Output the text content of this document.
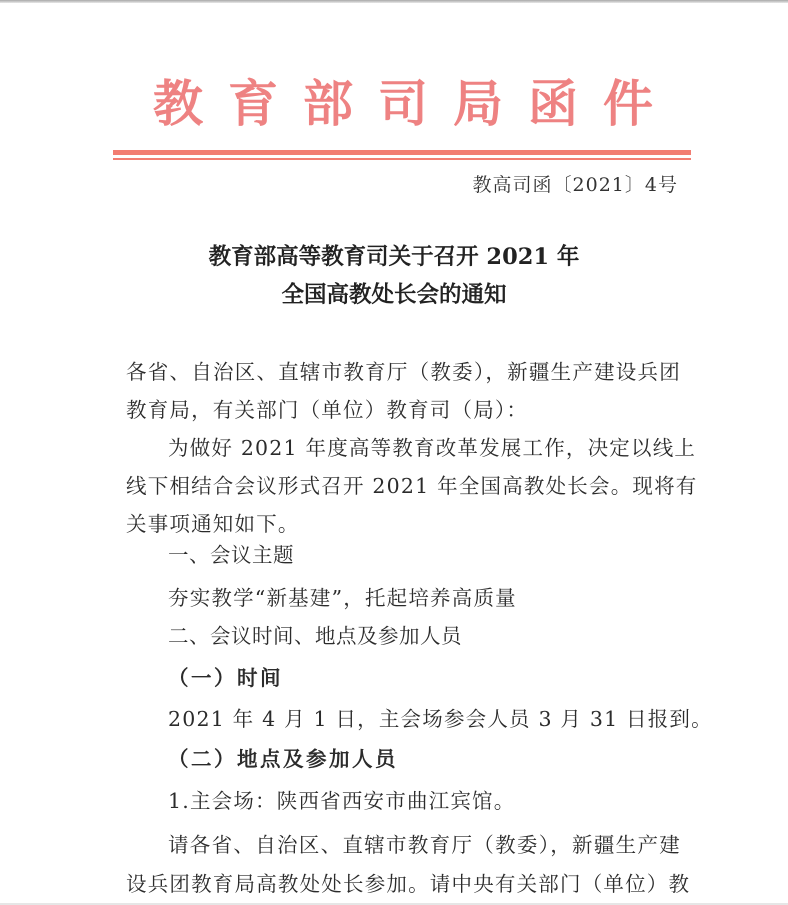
教 育 部 司 局 函 件
教高司函〔2021〕4号
教育部高等教育司关于召开 2021 年
全国高教处长会的通知
各省、自治区、直辖市教育厅（教委），新疆生产建设兵团
教育局，有关部门（单位）教育司（局）：
为做好 2021 年度高等教育改革发展工作，决定以线上
线下相结合会议形式召开 2021 年全国高教处长会。现将有
关事项通知如下。
一、会议主题
夯实教学“新基建”，托起培养高质量
二、会议时间、地点及参加人员
（一）时间
2021 年 4 月 1 日，主会场参会人员 3 月 31 日报到。
（二）地点及参加人员
1.主会场：陕西省西安市曲江宾馆。
请各省、自治区、直辖市教育厅（教委），新疆生产建
设兵团教育局高教处处长参加。请中央有关部门（单位）教
